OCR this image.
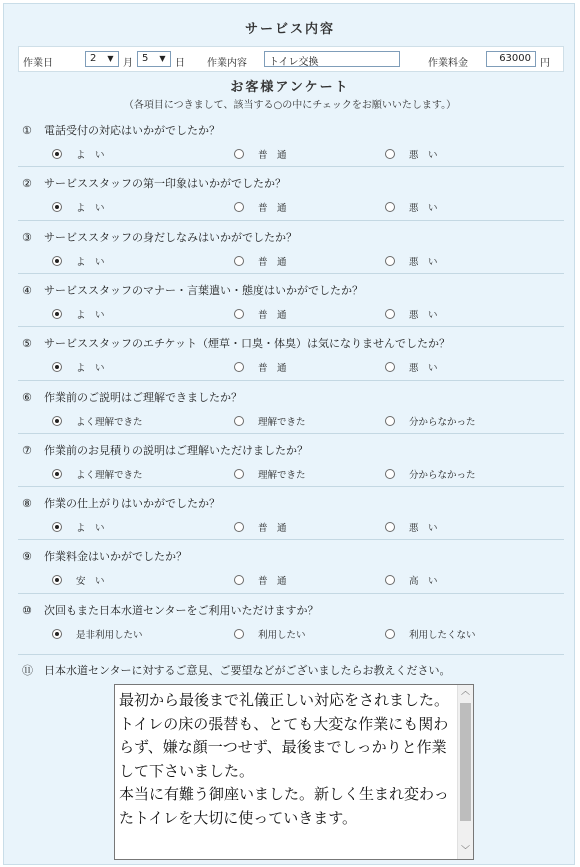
サービス内容
作業日	2	▼ 月 5	▼ 日 作業内容	トイレ交換	作業料金	63000 円
お客様アンケート
（各項目につきまして、該当する○の中にチェックをお願いいたします。）
① 電話受付の対応はいかがでしたか？
よ　い	普　通	悪　い
② サービススタッフの第一印象はいかがでしたか？
よ　い	普　通	悪　い
③ サービススタッフの身だしなみはいかがでしたか？
よ　い	普　通	悪　い
④ サービススタッフのマナー・言葉遣い・態度はいかがでしたか？
よ　い	普　通	悪　い
⑤ サービススタッフのエチケット（煙草・口臭・体臭）は気になりませんでしたか？
よ　い	普　通	悪　い
⑥ 作業前のご説明はご理解できましたか？
よく理解できた	理解できた	分からなかった
⑦ 作業前のお見積りの説明はご理解いただけましたか？
よく理解できた	理解できた	分からなかった
⑧ 作業の仕上がりはいかがでしたか？
よ　い	普　通	悪　い
⑨ 作業料金はいかがでしたか？
安　い	普　通	高　い
⑩ 次回もまた日本水道センターをご利用いただけますか？
是非利用したい	利用したい	利用したくない
⑪ 日本水道センターに対するご意見、ご要望などがございましたらお教えください。
最初から最後まで礼儀正しい対応をされました。トイレの床の張替も、とても大変な作業にも関わらず、嫌な顔一つせず、最後までしっかりと作業して下さいました。
本当に有難う御座いました。新しく生まれ変わったトイレを大切に使っていきます。
︿
﹀
